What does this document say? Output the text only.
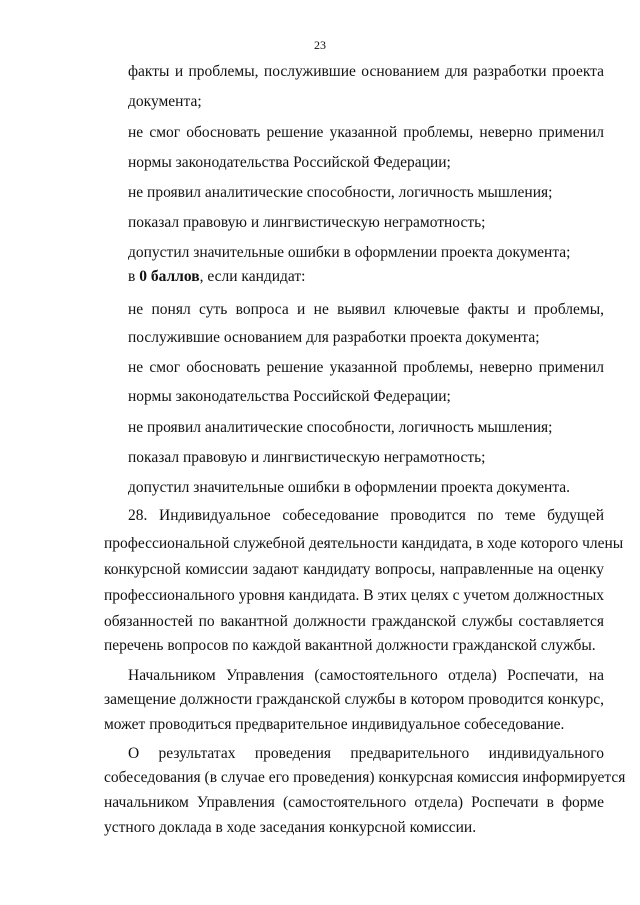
23
факты и проблемы, послужившие основанием для разработки проекта
документа;
не смог обосновать решение указанной проблемы, неверно применил
нормы законодательства Российской Федерации;
не проявил аналитические способности, логичность мышления;
показал правовую и лингвистическую неграмотность;
допустил значительные ошибки в оформлении проекта документа;
в 0 баллов, если кандидат:
не понял суть вопроса и не выявил ключевые факты и проблемы,
послужившие основанием для разработки проекта документа;
не смог обосновать решение указанной проблемы, неверно применил
нормы законодательства Российской Федерации;
не проявил аналитические способности, логичность мышления;
показал правовую и лингвистическую неграмотность;
допустил значительные ошибки в оформлении проекта документа.
28. Индивидуальное собеседование проводится по теме будущей
профессиональной служебной деятельности кандидата, в ходе которого члены
конкурсной комиссии задают кандидату вопросы, направленные на оценку
профессионального уровня кандидата. В этих целях с учетом должностных
обязанностей по вакантной должности гражданской службы составляется
перечень вопросов по каждой вакантной должности гражданской службы.
Начальником Управления (самостоятельного отдела) Роспечати, на
замещение должности гражданской службы в котором проводится конкурс,
может проводиться предварительное индивидуальное собеседование.
О результатах проведения предварительного индивидуального
собеседования (в случае его проведения) конкурсная комиссия информируется
начальником Управления (самостоятельного отдела) Роспечати в форме
устного доклада в ходе заседания конкурсной комиссии.
